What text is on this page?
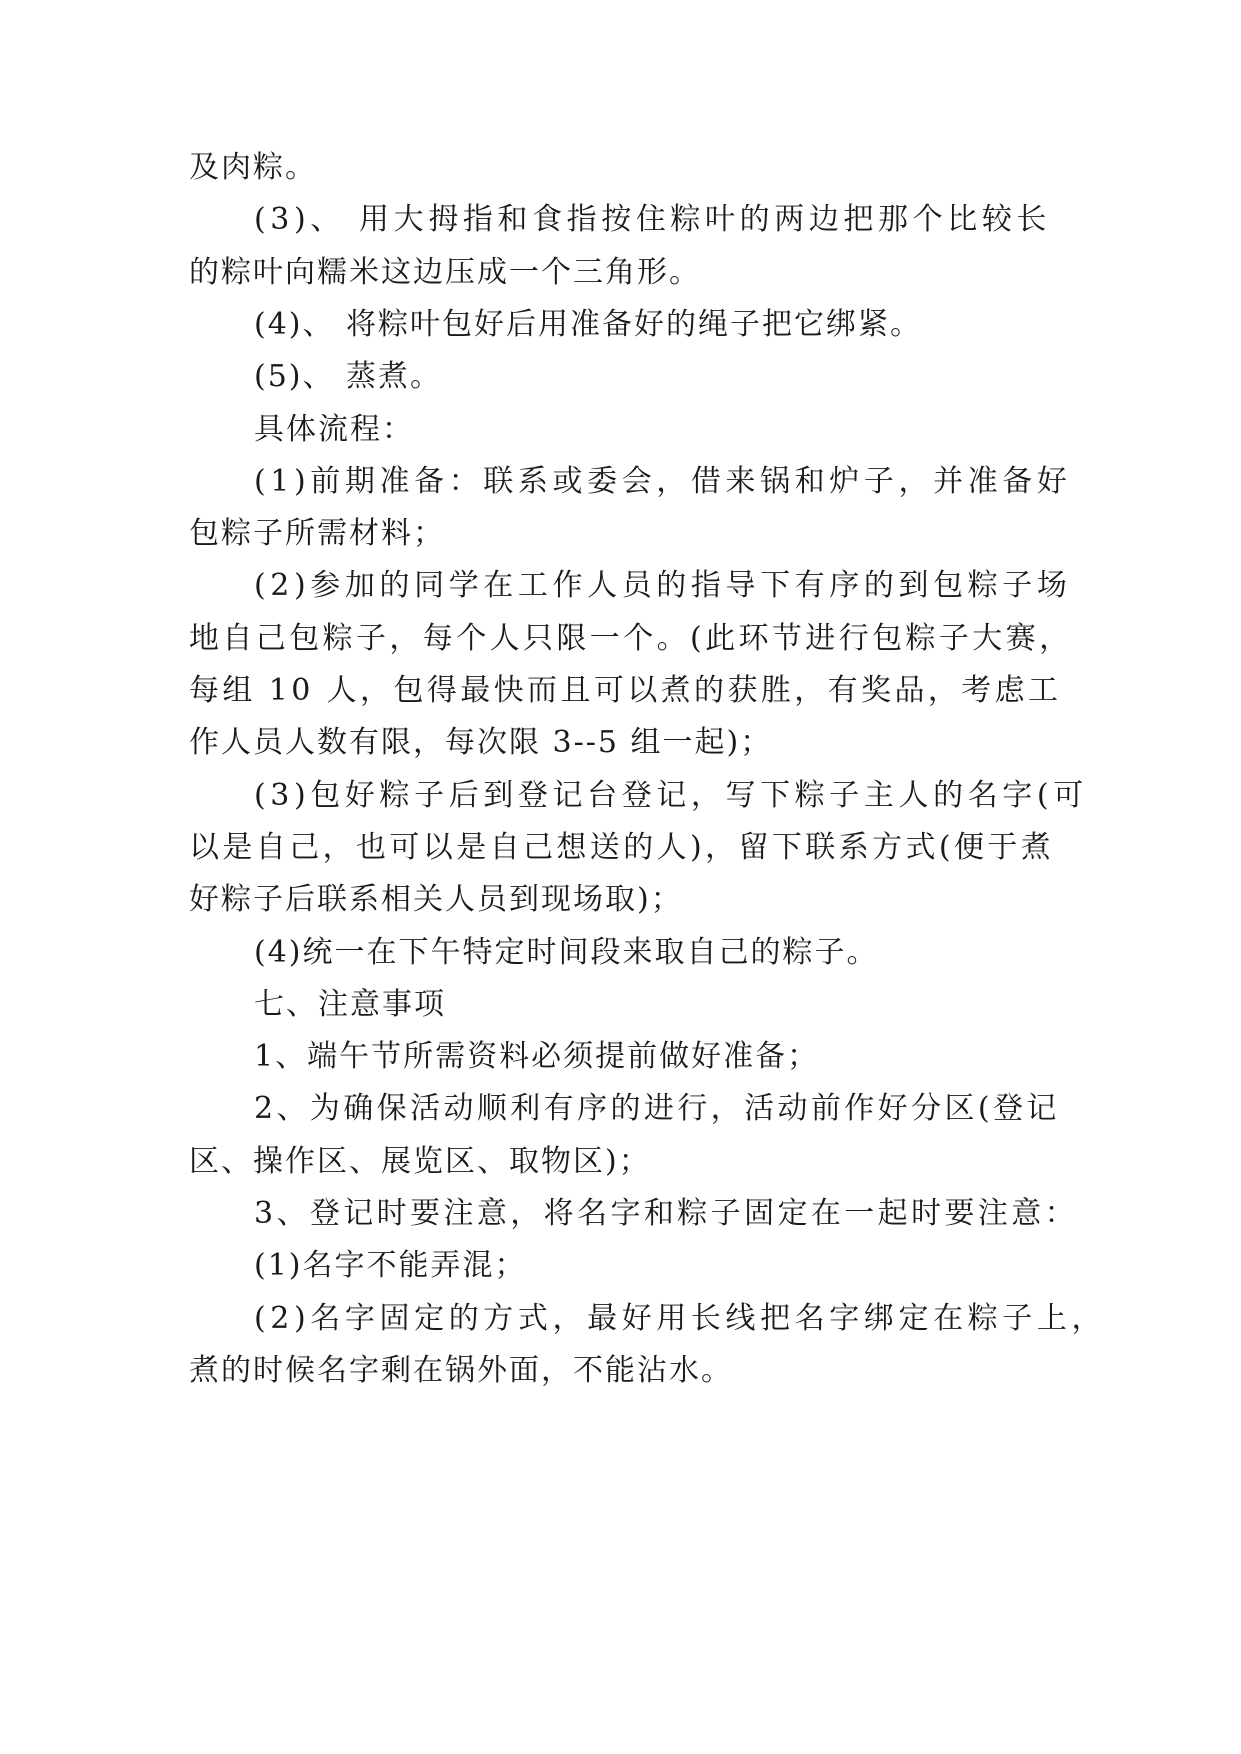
及肉粽。
(3)、 用大拇指和食指按住粽叶的两边把那个比较长
的粽叶向糯米这边压成一个三角形。
(4)、 将粽叶包好后用准备好的绳子把它绑紧。
(5)、 蒸煮。
具体流程：
(1)前期准备：联系或委会，借来锅和炉子，并准备好
包粽子所需材料；
(2)参加的同学在工作人员的指导下有序的到包粽子场
地自己包粽子，每个人只限一个。(此环节进行包粽子大赛，
每组 10 人，包得最快而且可以煮的获胜，有奖品，考虑工
作人员人数有限，每次限 3--5 组一起)；
(3)包好粽子后到登记台登记，写下粽子主人的名字(可
以是自己，也可以是自己想送的人)，留下联系方式(便于煮
好粽子后联系相关人员到现场取)；
(4)统一在下午特定时间段来取自己的粽子。
七、注意事项
1、端午节所需资料必须提前做好准备；
2、为确保活动顺利有序的进行，活动前作好分区(登记
区、操作区、展览区、取物区)；
3、登记时要注意，将名字和粽子固定在一起时要注意：
(1)名字不能弄混；
(2)名字固定的方式，最好用长线把名字绑定在粽子上，
煮的时候名字剩在锅外面，不能沾水。
